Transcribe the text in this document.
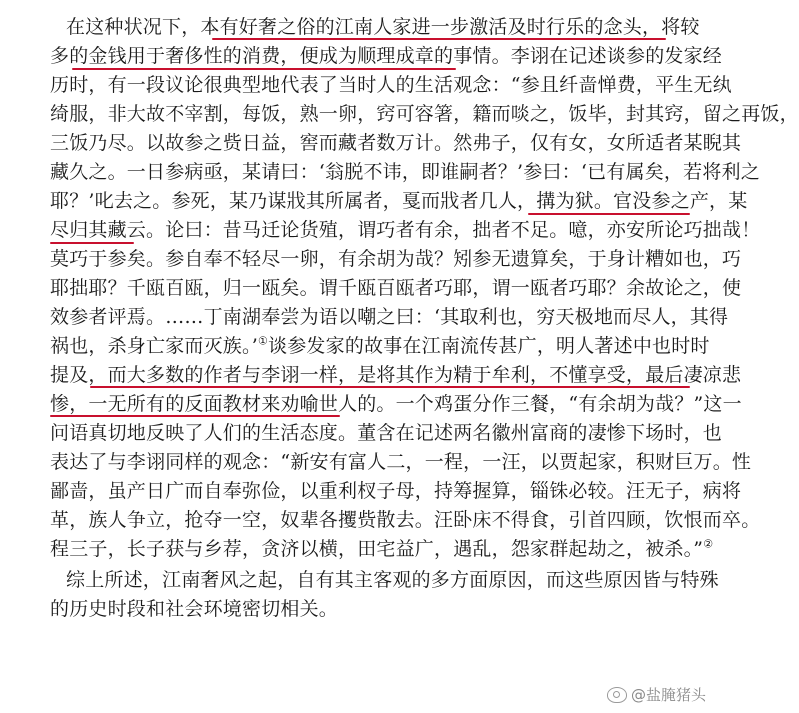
在这种状况下，本有好奢之俗的江南人家进一步激活及时行乐的念头，将较
多的金钱用于奢侈性的消费，便成为顺理成章的事情。李诩在记述谈参的发家经
历时，有一段议论很典型地代表了当时人的生活观念：“参且纤啬惮费，平生无纨
绮服，非大故不宰割，每饭，熟一卵，窍可容箸，籍而啖之，饭毕，封其窍，留之再饭，
三饭乃尽。以故参之赀日益，窖而藏者数万计。然弗子，仅有女，女所适者某睨其
藏久之。一日参病亟，某请曰：‘翁脱不讳，即谁嗣者？’参曰：‘已有属矣，若将利之
耶？’叱去之。参死，某乃谋戕其所属者，戛而戕者几人，搆为狱。官没参之产，某
尽归其藏云。论曰：昔马迁论货殖，谓巧者有余，拙者不足。噫，亦安所论巧拙哉！
莫巧于参矣。参自奉不轻尽一卵，有余胡为哉？矧参无遗算矣，于身计糟如也，巧
耶拙耶？千瓯百瓯，归一瓯矣。谓千瓯百瓯者巧耶，谓一瓯者巧耶？余故论之，使
效参者评焉。……丁南湖奉尝为语以嘲之曰：‘其取利也，穷天极地而尽人，其得
祸也，杀身亡家而灭族。’①谈参发家的故事在江南流传甚广，明人著述中也时时
提及，而大多数的作者与李诩一样，是将其作为精于牟利，不懂享受，最后凄凉悲
惨，一无所有的反面教材来劝喻世人的。一个鸡蛋分作三餐，“有余胡为哉？”这一
问语真切地反映了人们的生活态度。董含在记述两名徽州富商的凄惨下场时，也
表达了与李诩同样的观念：“新安有富人二，一程，一汪，以贾起家，积财巨万。性
鄙啬，虽产日广而自奉弥俭，以重利杈子母，持筹握算，锱铢必较。汪无子，病将
革，族人争立，抢夺一空，奴辈各攫赀散去。汪卧床不得食，引首四顾，饮恨而卒。
程三子，长子获与乡荐，贪济以横，田宅益广，遇乱，怨家群起劫之，被杀。”②
综上所述，江南奢风之起，自有其主客观的多方面原因，而这些原因皆与特殊
的历史时段和社会环境密切相关。
@盐腌猪头
